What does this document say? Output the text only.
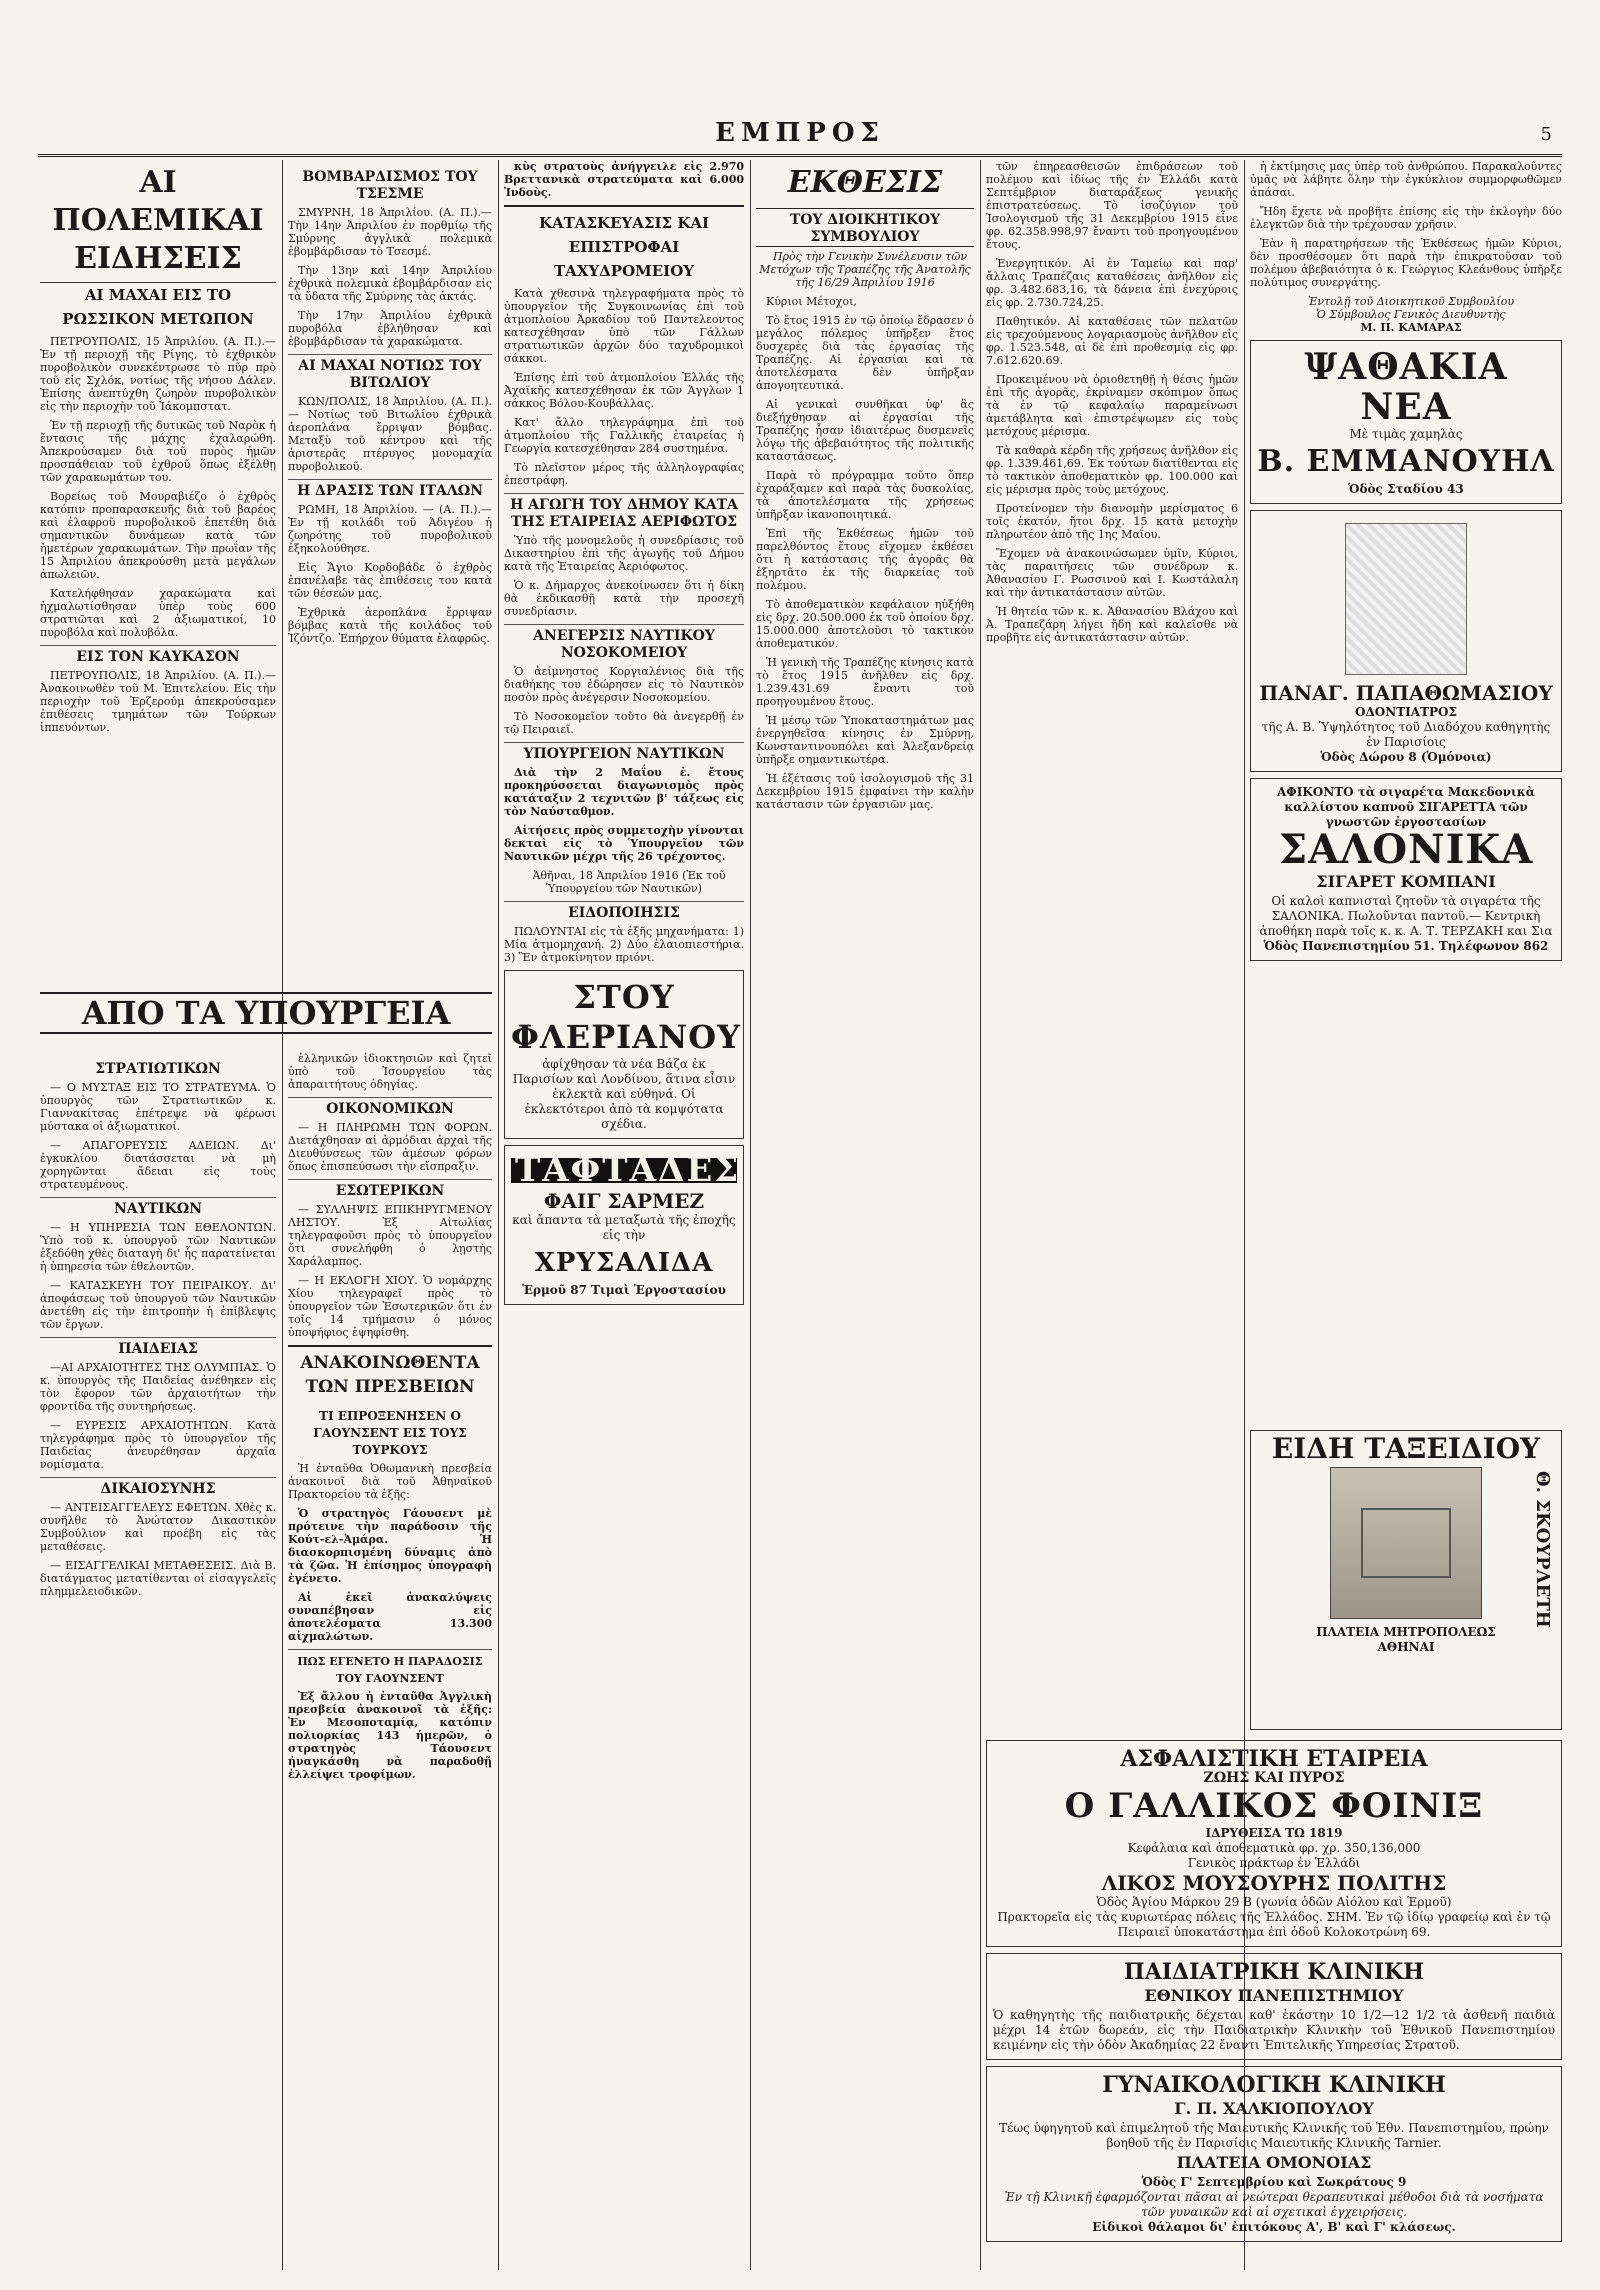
ΕΜΠΡΟΣ	5
ΑΙ ΠΟΛΕΜΙΚΑΙ ΕΙΔΗΣΕΙΣ
ΑΙ ΜΑΧΑΙ ΕΙΣ ΤΟ ΡΩΣΣΙΚΟΝ ΜΕΤΩΠΟΝ

ΠΕΤΡΟΥΠΟΛΙΣ, 15 Ἀπριλίου. (Α. Π.).— Ἐν τῇ περιοχῇ τῆς Ρίγης, τὸ ἐχθρικὸν πυροβολικὸν συνεκέντρωσε τὸ πῦρ πρὸ τοῦ εἰς Σχλόκ, νοτίως τῆς νήσου Δάλεν. Ἐπίσης ἀνεπτύχθη ζωηρὸν πυροβολικὸν εἰς τὴν περιοχὴν τοῦ Ἰάκομπστατ.

Ἐν τῇ περιοχῇ τῆς δυτικῶς τοῦ Ναρὸκ ἡ ἔντασις τῆς μάχης ἐχαλαρώθη. Ἀπεκρούσαμεν διὰ τοῦ πυρὸς ἡμῶν προσπάθειαν τοῦ ἐχθροῦ ὅπως ἐξέλθῃ τῶν χαρακωμάτων του.

Βορείως τοῦ Μουραβιέζο ὁ ἐχθρὸς κατόπιν προπαρασκευῆς διὰ τοῦ βαρέος καὶ ἐλαφροῦ πυροβολικοῦ ἐπετέθη διὰ σημαντικῶν δυνάμεων κατὰ τῶν ἡμετέρων χαρακωμάτων. Τὴν πρωΐαν τῆς 15 Ἀπριλίου ἀπεκρούσθη μετὰ μεγάλων ἀπωλειῶν.

Κατελήφθησαν χαρακώματα καὶ ἠχμαλωτίσθησαν ὑπὲρ τοὺς 600 στρατιῶται καὶ 2 ἀξιωματικοί, 10 πυροβόλα καὶ πολυβόλα.

ΕΙΣ ΤΟΝ ΚΑΥΚΑΣΟΝ

ΠΕΤΡΟΥΠΟΛΙΣ, 18 Ἀπριλίου. (Α. Π.).— Ἀνακοινωθὲν τοῦ Μ. Ἐπιτελείου. Εἰς τὴν περιοχὴν τοῦ Ἐρζερούμ ἀπεκρούσαμεν ἐπιθέσεις τμημάτων τῶν Τούρκων ἱππευόντων.

ΒΟΜΒΑΡΔΙΣΜΟΣ ΤΟΥ ΤΣΕΣΜΕ

ΣΜΥΡΝΗ, 18 Ἀπριλίου. (Α. Π.).— Τὴν 14ην Ἀπριλίου ἐν πορθμίῳ τῆς Σμύρνης ἀγγλικὰ πολεμικὰ ἐβομβάρδισαν τὸ Τσεσμέ.

Τὴν 13ην καὶ 14ην Ἀπριλίου ἐχθρικὰ πολεμικὰ ἐβομβάρδισαν εἰς τὰ ὕδατα τῆς Σμύρνης τὰς ἀκτάς.

Τὴν 17ην Ἀπριλίου ἐχθρικὰ πυροβόλα ἐβλήθησαν καὶ ἐβομβάρδισαν τὰ χαρακώματα.

ΑΙ ΜΑΧΑΙ ΝΟΤΙΩΣ ΤΟΥ ΒΙΤΩΛΙΟΥ

ΚΩΝ/ΠΟΛΙΣ, 18 Ἀπριλίου. (Α. Π.).— Νοτίως τοῦ Βιτωλίου ἐχθρικὰ ἀεροπλάνα ἔρριψαν βόμβας. Μεταξὺ τοῦ κέντρου καὶ τῆς ἀριστερᾶς πτέρυγος μονομαχία πυροβολικοῦ.

Η ΔΡΑΣΙΣ ΤΩΝ ΙΤΑΛΩΝ

ΡΩΜΗ, 18 Ἀπριλίου. — (Α. Π.).— Ἐν τῇ κοιλάδι τοῦ Ἀδιγέου ἡ ζωηρότης τοῦ πυροβολικοῦ ἐξηκολούθησε.

Εἰς Ἄγιο Κορδοβάδε ὁ ἐχθρὸς ἐπανέλαβε τὰς ἐπιθέσεις του κατὰ τῶν θέσεών μας.

Ἐχθρικὰ ἀεροπλάνα ἔρριψαν βόμβας κατὰ τῆς κοιλάδος τοῦ Ἰζόντζο. Ἐπήρχον θύματα ἐλαφρῶς.

ΑΠΟ ΤΑ ΥΠΟΥΡΓΕΙΑ
ΣΤΡΑΤΙΩΤΙΚΩΝ

— Ο ΜΥΣΤΑΞ ΕΙΣ ΤΟ ΣΤΡΑΤΕΥΜΑ. Ὁ ὑπουργὸς τῶν Στρατιωτικῶν κ. Γιαννακίτσας ἐπέτρεψε νὰ φέρωσι μύστακα οἱ ἀξιωματικοί.

— ΑΠΑΓΟΡΕΥΣΙΣ ΑΔΕΙΩΝ. Δι' ἐγκυκλίου διατάσσεται νὰ μὴ χορηγῶνται ἄδειαι εἰς τοὺς στρατευμένους.

ΝΑΥΤΙΚΩΝ

— Η ΥΠΗΡΕΣΙΑ ΤΩΝ ΕΘΕΛΟΝΤΩΝ. Ὑπὸ τοῦ κ. ὑπουργοῦ τῶν Ναυτικῶν ἐξεδόθη χθὲς διαταγὴ δι' ἧς παρατείνεται ἡ ὑπηρεσία τῶν ἐθελοντῶν.

— ΚΑΤΑΣΚΕΥΗ ΤΟΥ ΠΕΙΡΑΙΚΟΥ. Δι' ἀποφάσεως τοῦ ὑπουργοῦ τῶν Ναυτικῶν ἀνετέθη εἰς τὴν ἐπιτροπὴν ἡ ἐπίβλεψις τῶν ἔργων.

ΠΑΙΔΕΙΑΣ

—ΑΙ ΑΡΧΑΙΟΤΗΤΕΣ ΤΗΣ ΟΛΥΜΠΙΑΣ. Ὁ κ. ὑπουργὸς τῆς Παιδείας ἀνέθηκεν εἰς τὸν ἔφορον τῶν ἀρχαιοτήτων τὴν φροντίδα τῆς συντηρήσεως.

— ΕΥΡΕΣΙΣ ΑΡΧΑΙΟΤΗΤΩΝ. Κατὰ τηλεγράφημα πρὸς τὸ ὑπουργεῖον τῆς Παιδείας ἀνευρέθησαν ἀρχαῖα νομίσματα.

ΔΙΚΑΙΟΣΥΝΗΣ

— ΑΝΤΕΙΣΑΓΓΕΛΕΥΣ ΕΦΕΤΩΝ. Χθὲς κ. συνῆλθε τὸ Ἀνώτατον Δικαστικὸν Συμβούλιον καὶ προέβη εἰς τὰς μεταθέσεις.

— ΕΙΣΑΓΓΕΛΙΚΑΙ ΜΕΤΑΘΕΣΕΙΣ. Διὰ Β. διατάγματος μετατίθενται οἱ εἰσαγγελεῖς πλημμελειοδικῶν.

ἑλληνικῶν ἰδιοκτησιῶν καὶ ζητεῖ ὑπὸ τοῦ Ἰσουργείου τὰς ἀπαραιτήτους ὁδηγίας.

ΟΙΚΟΝΟΜΙΚΩΝ

— Η ΠΛΗΡΩΜΗ ΤΩΝ ΦΟΡΩΝ. Διετάχθησαν αἱ ἀρμόδιαι ἀρχαὶ τῆς Διευθύνσεως τῶν ἀμέσων φόρων ὅπως ἐπισπεύσωσι τὴν εἴσπραξιν.

ΕΣΩΤΕΡΙΚΩΝ

— ΣΥΛΛΗΨΙΣ ΕΠΙΚΗΡΥΓΜΕΝΟΥ ΛΗΣΤΟΥ. Ἐξ Αἰτωλίας τηλεγραφοῦσι πρὸς τὸ ὑπουργεῖον ὅτι συνελήφθη ὁ λῃστὴς Χαράλαμπος.

— Η ΕΚΛΟΓΗ ΧΙΟΥ. Ὁ νομάρχης Χίου τηλεγραφεῖ πρὸς τὸ ὑπουργεῖον τῶν Ἐσωτερικῶν ὅτι ἐν τοῖς 14 τμήμασιν ὁ μόνος ὑποψήφιος ἐψηφίσθη.

ΑΝΑΚΟΙΝΩΘΕΝΤΑ ΤΩΝ ΠΡΕΣΒΕΙΩΝ
ΤΙ ΕΠΡΟΞΕΝΗΣΕΝ Ο ΓΑΟΥΝΣΕΝΤ ΕΙΣ ΤΟΥΣ ΤΟΥΡΚΟΥΣ

Ἡ ἐνταῦθα Ὀθωμανικὴ πρεσβεία ἀνακοινοῖ διὰ τοῦ Ἀθηναϊκοῦ Πρακτορείου τὰ ἑξῆς:

Ὁ στρατηγὸς Γάουσεντ μὲ πρότεινε τὴν παράδοσιν τῆς Κούτ-ελ-Ἀμάρα. Ἡ διασκορπισμένη δύναμις ἀπὸ τὰ ζῶα. Ἡ ἐπίσημος ὑπογραφὴ ἐγένετο.

Αἱ ἐκεῖ ἀνακαλύψεις συναπέβησαν εἰς ἀποτελέσματα 13.300 αἰχμαλώτων.

ΠΩΣ ΕΓΕΝΕΤΟ Η ΠΑΡΑΔΟΣΙΣ ΤΟΥ ΓΑΟΥΝΣΕΝΤ

Ἐξ ἄλλου ἡ ἐνταῦθα Ἀγγλικὴ πρεσβεία ἀνακοινοῖ τὰ ἑξῆς: Ἐν Μεσοποταμίᾳ, κατόπιν πολιορκίας 143 ἡμερῶν, ὁ στρατηγὸς Τάουσεντ ἠναγκάσθη νὰ παραδοθῇ ἐλλείψει τροφίμων.

κὺς στρατοὺς ἀνήγγειλε εἰς 2.970 Βρεττανικὰ στρατεύματα καὶ 6.000 Ἰνδοὺς.

ΚΑΤΑΣΚΕΥΑΣΙΣ ΚΑΙ ΕΠΙΣΤΡΟΦΑΙ ΤΑΧΥΔΡΟΜΕΙΟΥ

Κατὰ χθεσινὰ τηλεγραφήματα πρὸς τὸ ὑπουργεῖον τῆς Συγκοινωνίας ἐπὶ τοῦ ἀτμοπλοίου Ἀρκαδίου τοῦ Παντελεοντος κατεσχέθησαν ὑπὸ τῶν Γάλλων στρατιωτικῶν ἀρχῶν δύο ταχυδρομικοὶ σάκκοι.

Ἐπίσης ἐπὶ τοῦ ἀτμοπλοίου Ἐλλάς τῆς Ἀχαϊκῆς κατεσχέθησαν ἐκ τῶν Ἀγγλων 1 σάκκος Βόλου-Κουβάλλας.

Κατ' ἄλλο τηλεγράφημα ἐπὶ τοῦ ἀτμοπλοίου τῆς Γαλλικῆς ἑταιρείας ἡ Γεωργία κατεσχέθησαν 284 συστημένα.

Τὸ πλεῖστον μέρος τῆς ἀλληλογραφίας ἐπεστράφη.

Η ΑΓΩΓΗ ΤΟΥ ΔΗΜΟΥ ΚΑΤΑ ΤΗΣ ΕΤΑΙΡΕΙΑΣ ΑΕΡΙΦΩΤΟΣ

Ὑπὸ τῆς μονομελοῦς ἡ συνεδρίασις τοῦ Δικαστηρίου ἐπὶ τῆς ἀγωγῆς τοῦ Δήμου κατὰ τῆς Ἑταιρείας Ἀεριόφωτος.

Ὁ κ. Δήμαρχος ἀνεκοίνωσεν ὅτι ἡ δίκη θὰ ἐκδικασθῇ κατὰ τὴν προσεχῆ συνεδρίασιν.

ΑΝΕΓΕΡΣΙΣ ΝΑΥΤΙΚΟΥ ΝΟΣΟΚΟΜΕΙΟΥ

Ὁ ἀείμνηστος Κοργιαλένιος διὰ τῆς διαθήκης του ἐδώρησεν εἰς τὸ Ναυτικὸν ποσὸν πρὸς ἀνέγερσιν Νοσοκομείου.

Τὸ Νοσοκομεῖον τοῦτο θὰ ἀνεγερθῇ ἐν τῷ Πειραιεῖ.

ΥΠΟΥΡΓΕΙΟΝ ΝΑΥΤΙΚΩΝ

Διὰ τὴν 2 Μαΐου ἐ. ἔτους προκηρύσσεται διαγωνισμὸς πρὸς κατάταξιν 2 τεχνιτῶν β' τάξεως εἰς τὸν Ναύσταθμον.

Αἰτήσεις πρὸς συμμετοχὴν γίνονται δεκταὶ εἰς τὸ Ὑπουργεῖον τῶν Ναυτικῶν μέχρι τῆς 26 τρέχοντος.

Ἀθῆναι, 18 Ἀπριλίου 1916 (Ἐκ τοῦ Ὑπουργείου τῶν Ναυτικῶν)

ΕΙΔΟΠΟΙΗΣΙΣ

ΠΩΛΟΥΝΤΑΙ εἰς τὰ ἑξῆς μηχανήματα: 1) Μία ἀτμομηχανή. 2) Δύο ἐλαιοπιεστήρια. 3) Ἓν ἀτμοκίνητον πριόνι.

ΣΤΟΥ ΦΛΕΡΙΑΝΟΥ
ἀφίχθησαν τὰ νέα Βάζα ἐκ Παρισίων καὶ Λονδίνου, ἅτινα εἶσιν ἐκλεκτὰ καὶ εὐθηνά. Οἱ ἐκλεκτότεροι ἀπὸ τὰ κομψότατα σχέδια.
ΤΑΦΤΑΔΕΣ
ΦΑΙΓ ΣΑΡΜΕΖ
καὶ ἄπαντα τὰ μεταξωτὰ τῆς ἐποχῆς εἰς τὴν
ΧΡΥΣΑΛΙΔΑ
Ἑρμοῦ 87 Τιμαὶ Ἐργοστασίου
ΕΚΘΕΣΙΣ
ΤΟΥ ΔΙΟΙΚΗΤΙΚΟΥ ΣΥΜΒΟΥΛΙΟΥ

Πρὸς τὴν Γενικὴν Συνέλευσιν τῶν Μετόχων τῆς Τραπέζης τῆς Ἀνατολῆς τῆς 16/29 Ἀπριλίου 1916

Κύριοι Μέτοχοι,

Τὸ ἔτος 1915 ἐν τῷ ὁποίῳ ἔδρασεν ὁ μεγάλος πόλεμος ὑπῆρξεν ἔτος δυσχερὲς διὰ τὰς ἐργασίας τῆς Τραπέζης. Αἱ ἐργασίαι καὶ τὰ ἀποτελέσματα δὲν ὑπῆρξαν ἀπογοητευτικά.

Αἱ γενικαὶ συνθῆκαι ὑφ' ἃς διεξήχθησαν αἱ ἐργασίαι τῆς Τραπέζης ἦσαν ἰδιαιτέρως δυσμενεῖς λόγῳ τῆς ἀβεβαιότητος τῆς πολιτικῆς καταστάσεως.

Παρὰ τὸ πρόγραμμα τοῦτο ὅπερ ἐχαράξαμεν καὶ παρὰ τὰς δυσκολίας, τὰ ἀποτελέσματα τῆς χρήσεως ὑπῆρξαν ἱκανοποιητικά.

Ἐπὶ τῆς Ἐκθέσεως ἡμῶν τοῦ παρελθόντος ἔτους εἴχομεν ἐκθέσει ὅτι ἡ κατάστασις τῆς ἀγορᾶς θὰ ἐξηρτᾶτο ἐκ τῆς διαρκείας τοῦ πολέμου.

Τὸ ἀποθεματικὸν κεφάλαιον ηὐξήθη εἰς δρχ. 20.500.000 ἐκ τοῦ ὁποίου δρχ. 15.000.000 ἀποτελοῦσι τὸ τακτικὸν ἀποθεματικόν.

Ἡ γενικὴ τῆς Τραπέζης κίνησις κατὰ τὸ ἔτος 1915 ἀνῆλθεν εἰς δρχ. 1.239.431.69 ἔναντι τοῦ προηγουμένου ἔτους.

Ἡ μέσῳ τῶν Ὑποκαταστημάτων μας ἐνεργηθεῖσα κίνησις ἐν Σμύρνῃ, Κωνσταντινουπόλει καὶ Ἀλεξανδρείᾳ ὑπῆρξε σημαντικωτέρα.

Ἡ ἐξέτασις τοῦ ἰσολογισμοῦ τῆς 31 Δεκεμβρίου 1915 ἐμφαίνει τὴν καλὴν κατάστασιν τῶν ἐργασιῶν μας.

τῶν ἐπηρεασθεισῶν ἐπιδράσεων τοῦ πολέμου καὶ ἰδίως τῆς ἐν Ἑλλάδι κατὰ Σεπτέμβριον διαταράξεως γενικῆς ἐπιστρατεύσεως. Τὸ ἰσοζύγιον τοῦ Ἰσολογισμοῦ τῆς 31 Δεκεμβρίου 1915 εἶνε φρ. 62.358.998,97 ἔναντι τοῦ προηγουμένου ἔτους.

Ἐνεργητικόν. Αἱ ἐν Ταμείῳ καὶ παρ' ἄλλαις Τραπέζαις καταθέσεις ἀνῆλθον εἰς φρ. 3.482.683,16, τὰ δάνεια ἐπὶ ἐνεχύροις εἰς φρ. 2.730.724,25.

Παθητικόν. Αἱ καταθέσεις τῶν πελατῶν εἰς τρεχούμενους λογαριασμοὺς ἀνῆλθον εἰς φρ. 1.523.548, αἱ δὲ ἐπὶ προθεσμίᾳ εἰς φρ. 7.612.620.69.

Προκειμένου νὰ ὁριοθετηθῇ ἡ θέσις ἡμῶν ἐπὶ τῆς ἀγορᾶς, ἐκρίναμεν σκόπιμον ὅπως τὰ ἐν τῷ κεφαλαίῳ παραμείνωσι ἀμετάβλητα καὶ ἐπιστρέψωμεν εἰς τοὺς μετόχους μέρισμα.

Τὰ καθαρὰ κέρδη τῆς χρήσεως ἀνῆλθον εἰς φρ. 1.339.461,69. Ἐκ τούτων διατίθενται εἰς τὸ τακτικὸν ἀποθεματικὸν φρ. 100.000 καὶ εἰς μέρισμα πρὸς τοὺς μετόχους.

Προτείνομεν τὴν διανομὴν μερίσματος 6 τοῖς ἑκατόν, ἤτοι δρχ. 15 κατὰ μετοχὴν πληρωτέον ἀπὸ τῆς 1ης Μαΐου.

Ἔχομεν νὰ ἀνακοινώσωμεν ὑμῖν, Κύριοι, τὰς παραιτήσεις τῶν συνέδρων κ. Ἀθανασίου Γ. Ρωσσινοῦ καὶ Ι. Κωστάλαλη καὶ τὴν ἀντικατάστασιν αὐτῶν.

Ἡ θητεία τῶν κ. κ. Ἀθανασίου Βλάχου καὶ Ἀ. Τραπεζάρη λήγει ἤδη καὶ καλεῖσθε νὰ προβῆτε εἰς ἀντικατάστασιν αὐτῶν.

ἡ ἐκτίμησις μας ὑπὲρ τοῦ ἀνθρώπου. Παρακαλοῦντες ὑμᾶς νὰ λάβητε ὅλην τὴν ἐγκύκλιον συμμορφωθῶμεν ἀπάσαι.

Ἤδη ἔχετε νὰ προβῆτε ἐπίσης εἰς τὴν ἐκλογὴν δύο ἐλεγκτῶν διὰ τὴν τρέχουσαν χρῆσιν.

Ἐὰν ἢ παρατηρήσεων τῆς Ἐκθέσεως ἡμῶν Κύριοι, δὲν προσθέσομεν ὅτι παρὰ τὴν ἐπικρατοῦσαν τοῦ πολέμου ἀβεβαιότητα ὁ κ. Γεώργιος Κλεάνθους ὑπῆρξε πολύτιμος συνεργάτης.

Ἐντολῇ τοῦ Διοικητικοῦ Συμβουλίου

Ὁ Σύμβουλος Γενικὸς Διευθυντὴς

Μ. Π. ΚΑΜΑΡΑΣ

ΨΑΘΑΚΙΑ ΝΕΑ
Μὲ τιμὰς χαμηλὰς
Β. ΕΜΜΑΝΟΥΗΛ
Ὁδὸς Σταδίου 43
ΠΑΝΑΓ. ΠΑΠΑΘΩΜΑΣΙΟΥ
ΟΔΟΝΤΙΑΤΡΟΣ
τῆς Α. Β. Ὑψηλότητος τοῦ Διαδόχου καθηγητὴς ἐν Παρισίοις
Ὁδὸς Δώρου 8 (Ὁμόνοια)
ΑΦΙΚΟΝΤΟ τὰ σιγαρέτα Μακεδονικὰ καλλίστου καπνοῦ ΣΙΓΑΡΕΤΤΑ τῶν γνωστῶν ἐργοστασίων
ΣΑΛΟΝΙΚΑ
ΣΙΓΑΡΕΤ ΚΟΜΠΑΝΙ
Οἱ καλοὶ καπνισταὶ ζητοῦν τὰ σιγαρέτα τῆς ΣΑΛΟΝΙΚΑ. Πωλοῦνται παντοῦ.— Κεντρικὴ ἀποθήκη παρὰ τοῖς κ. κ. Α. Τ. ΤΕΡΖΑΚΗ και Σια
Ὁδὸς Πανεπιστημίου 51. Τηλέφωνον 862
ΕΙΔΗ ΤΑΞΕΙΔΙΟΥ
Θ. ΣΚΟΥΡΛΕΤΗ
ΠΛΑΤΕΙΑ ΜΗΤΡΟΠΟΛΕΩΣ
ΑΘΗΝΑΙ
ΑΣΦΑΛΙΣΤΙΚΗ ΕΤΑΙΡΕΙΑ
ΖΩΗΣ ΚΑΙ ΠΥΡΟΣ
Ο ΓΑΛΛΙΚΟΣ ΦΟΙΝΙΞ
ΙΔΡΥΘΕΙΣΑ ΤΩ 1819
Κεφάλαια καὶ ἀποθεματικὰ φρ. χρ. 350,136,000
Γενικὸς πράκτωρ ἐν Ἑλλάδι
ΛΙΚΟΣ ΜΟΥΣΟΥΡΗΣ ΠΟΛΙΤΗΣ
Ὁδὸς Ἁγίου Μάρκου 29 Β (γωνία ὁδῶν Αἰόλου καὶ Ἑρμοῦ)
Πρακτορεῖα εἰς τὰς κυριωτέρας πόλεις τῆς Ἑλλάδος. ΣΗΜ. Ἐν τῷ ἰδίῳ γραφείῳ καὶ ἐν τῷ Πειραιεῖ ὑποκατάστημα ἐπὶ ὁδοῦ Κολοκοτρώνη 69.
ΠΑΙΔΙΑΤΡΙΚΗ ΚΛΙΝΙΚΗ
ΕΘΝΙΚΟΥ ΠΑΝΕΠΙΣΤΗΜΙΟΥ
Ὁ καθηγητὴς τῆς παιδιατρικῆς δέχεται καθ' ἑκάστην 10 1/2—12 1/2 τὰ ἀσθενῆ παιδιὰ μέχρι 14 ἐτῶν δωρεάν, εἰς τὴν Παιδιατρικὴν Κλινικὴν τοῦ Ἐθνικοῦ Πανεπιστημίου κειμένην εἰς τὴν ὁδὸν Ἀκαδημίας 22 ἔναντι Ἐπιτελικῆς Υπηρεσίας Στρατοῦ.
ΓΥΝΑΙΚΟΛΟΓΙΚΗ ΚΛΙΝΙΚΗ
Γ. Π. ΧΑΛΚΙΟΠΟΥΛΟΥ
Τέως ὑφηγητοῦ καὶ ἐπιμελητοῦ τῆς Μαιευτικῆς Κλινικῆς τοῦ Ἐθν. Πανεπιστημίου, πρώην βοηθοῦ τῆς ἐν Παρισίοις Μαιευτικῆς Κλινικῆς Tarnier.
ΠΛΑΤΕΙΑ ΟΜΟΝΟΙΑΣ
Ὁδὸς Γ' Σεπτεμβρίου καὶ Σωκράτους 9
Ἐν τῇ Κλινικῇ ἐφαρμόζονται πᾶσαι αἱ νεώτεραι θεραπευτικαὶ μέθοδοι διὰ τὰ νοσήματα τῶν γυναικῶν καὶ αἱ σχετικαὶ ἐγχειρήσεις.
Εἰδικοὶ θάλαμοι δι' ἐπιτόκους Α', Β' καὶ Γ' κλάσεως.
